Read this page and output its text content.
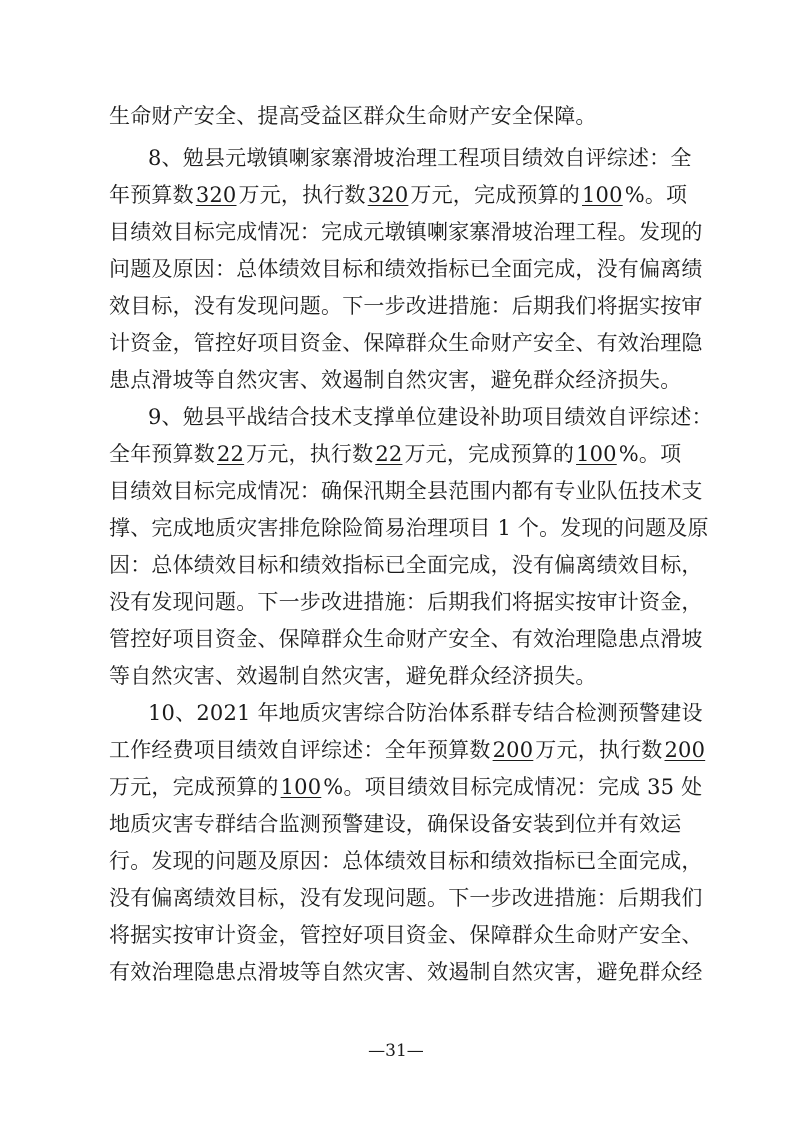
生命财产安全、提高受益区群众生命财产安全保障。
8、勉县元墩镇喇家寨滑坡治理工程项目绩效自评综述：全
年预算数320万元，执行数320万元，完成预算的100%。项
目绩效目标完成情况：完成元墩镇喇家寨滑坡治理工程。发现的
问题及原因：总体绩效目标和绩效指标已全面完成，没有偏离绩
效目标，没有发现问题。下一步改进措施：后期我们将据实按审
计资金，管控好项目资金、保障群众生命财产安全、有效治理隐
患点滑坡等自然灾害、效遏制自然灾害，避免群众经济损失。
9、勉县平战结合技术支撑单位建设补助项目绩效自评综述：
全年预算数22万元，执行数22万元，完成预算的100%。项
目绩效目标完成情况：确保汛期全县范围内都有专业队伍技术支
撑、完成地质灾害排危除险简易治理项目 1 个。发现的问题及原
因：总体绩效目标和绩效指标已全面完成，没有偏离绩效目标，
没有发现问题。下一步改进措施：后期我们将据实按审计资金，
管控好项目资金、保障群众生命财产安全、有效治理隐患点滑坡
等自然灾害、效遏制自然灾害，避免群众经济损失。
10、2021 年地质灾害综合防治体系群专结合检测预警建设
工作经费项目绩效自评综述：全年预算数200万元，执行数200
万元，完成预算的100%。项目绩效目标完成情况：完成 35 处
地质灾害专群结合监测预警建设，确保设备安装到位并有效运
行。发现的问题及原因：总体绩效目标和绩效指标已全面完成，
没有偏离绩效目标，没有发现问题。下一步改进措施：后期我们
将据实按审计资金，管控好项目资金、保障群众生命财产安全、
有效治理隐患点滑坡等自然灾害、效遏制自然灾害，避免群众经
—31—
